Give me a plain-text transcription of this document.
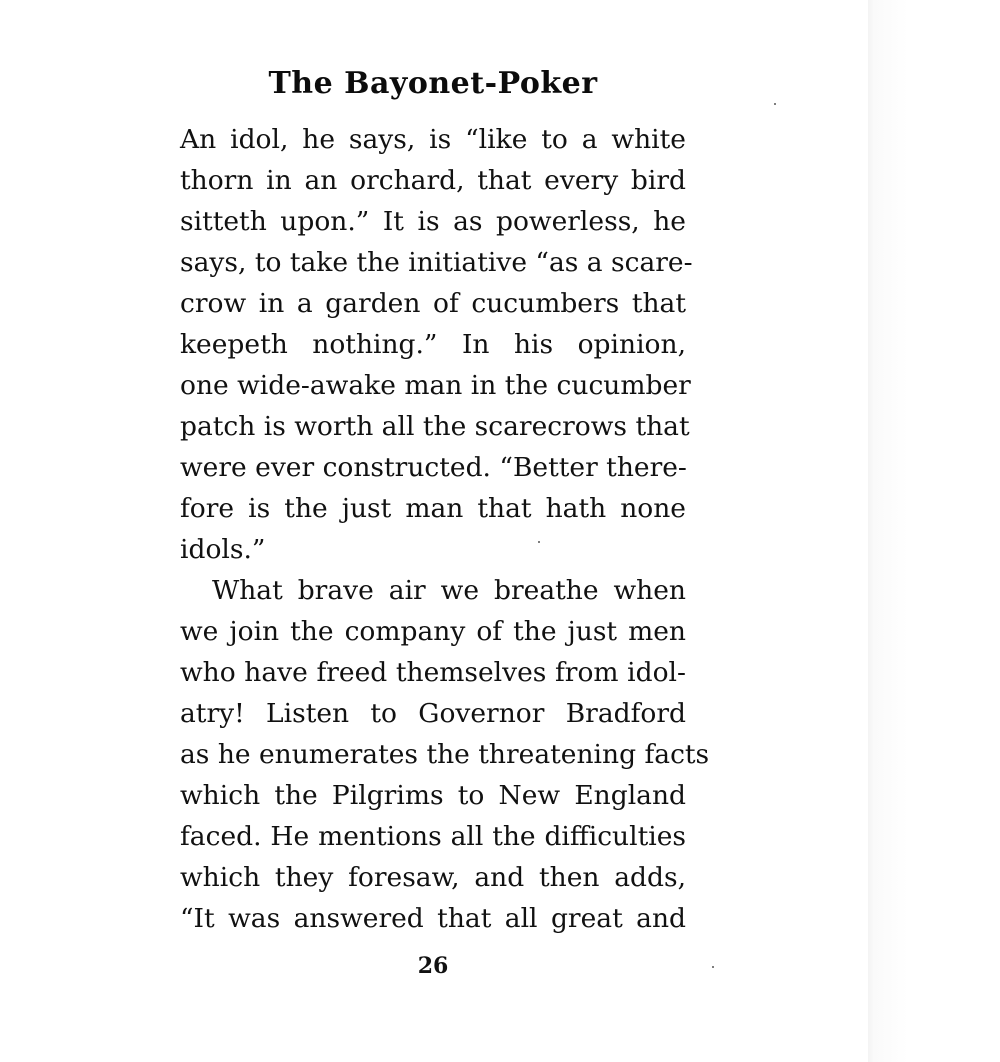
The Bayonet-Poker
An idol, he says, is “like to a white
thorn in an orchard, that every bird
sitteth upon.” It is as powerless, he
says, to take the initiative “as a scare-
crow in a garden of cucumbers that
keepeth nothing.” In his opinion,
one wide-awake man in the cucumber
patch is worth all the scarecrows that
were ever constructed. “Better there-
fore is the just man that hath none
idols.”
What brave air we breathe when
we join the company of the just men
who have freed themselves from idol-
atry! Listen to Governor Bradford
as he enumerates the threatening facts
which the Pilgrims to New England
faced. He mentions all the difficulties
which they foresaw, and then adds,
“It was answered that all great and
26
